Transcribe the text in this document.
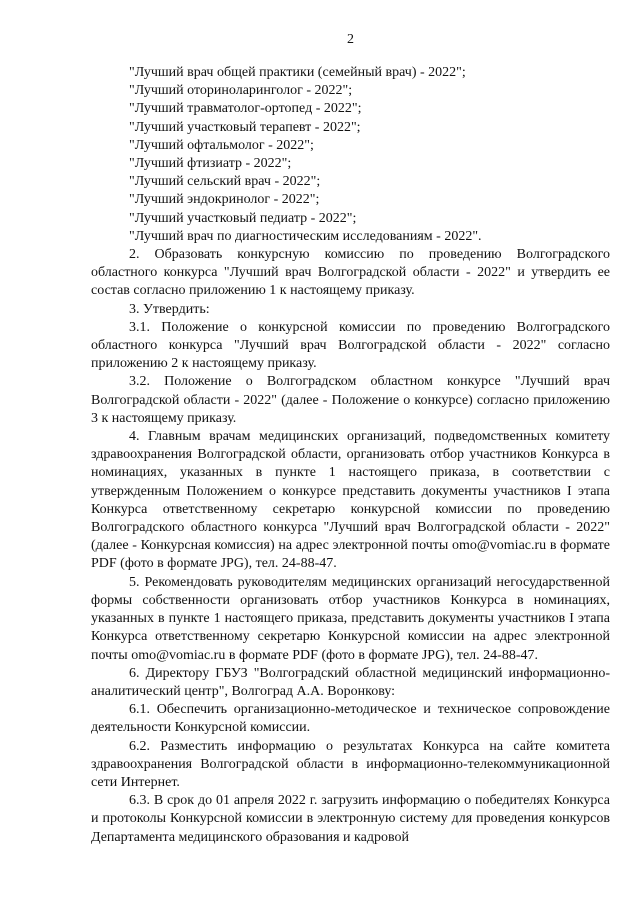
2
"Лучший врач общей практики (семейный врач) - 2022";
"Лучший оториноларинголог - 2022";
"Лучший травматолог-ортопед - 2022";
"Лучший участковый терапевт - 2022";
"Лучший офтальмолог - 2022";
"Лучший фтизиатр - 2022";
"Лучший сельский врач - 2022";
"Лучший эндокринолог - 2022";
"Лучший участковый педиатр - 2022";
"Лучший врач по диагностическим исследованиям - 2022".

2. Образовать конкурсную комиссию по проведению Волгоградского областного конкурса "Лучший врач Волгоградской области - 2022" и утвердить ее состав согласно приложению 1 к настоящему приказу.

3. Утвердить:

3.1. Положение о конкурсной комиссии по проведению Волгоградского областного конкурса "Лучший врач Волгоградской области - 2022" согласно приложению 2 к настоящему приказу.

3.2. Положение о Волгоградском областном конкурсе "Лучший врач Волгоградской области - 2022" (далее - Положение о конкурсе) согласно приложению 3 к настоящему приказу.

4. Главным врачам медицинских организаций, подведомственных комитету здравоохранения Волгоградской области, организовать отбор участников Конкурса в номинациях, указанных в пункте 1 настоящего приказа, в соответствии с утвержденным Положением о конкурсе представить документы участников I этапа Конкурса ответственному секретарю конкурсной комиссии по проведению Волгоградского областного конкурса "Лучший врач Волгоградской области - 2022" (далее - Конкурсная комиссия) на адрес электронной почты omo@vomiac.ru в формате PDF (фото в формате JPG), тел. 24-88-47.

5. Рекомендовать руководителям медицинских организаций негосударственной формы собственности организовать отбор участников Конкурса в номинациях, указанных в пункте 1 настоящего приказа, представить документы участников I этапа Конкурса ответственному секретарю Конкурсной комиссии на адрес электронной почты omo@vomiac.ru в формате PDF (фото в формате JPG), тел. 24-88-47.

6. Директору ГБУЗ "Волгоградский областной медицинский информационно-аналитический центр", Волгоград А.А. Воронкову:

6.1. Обеспечить организационно-методическое и техническое сопровождение деятельности Конкурсной комиссии.

6.2. Разместить информацию о результатах Конкурса на сайте комитета здравоохранения Волгоградской области в информационно-телекоммуникационной сети Интернет.

6.3. В срок до 01 апреля 2022 г. загрузить информацию о победителях Конкурса и протоколы Конкурсной комиссии в электронную систему для проведения конкурсов Департамента медицинского образования и кадровой
